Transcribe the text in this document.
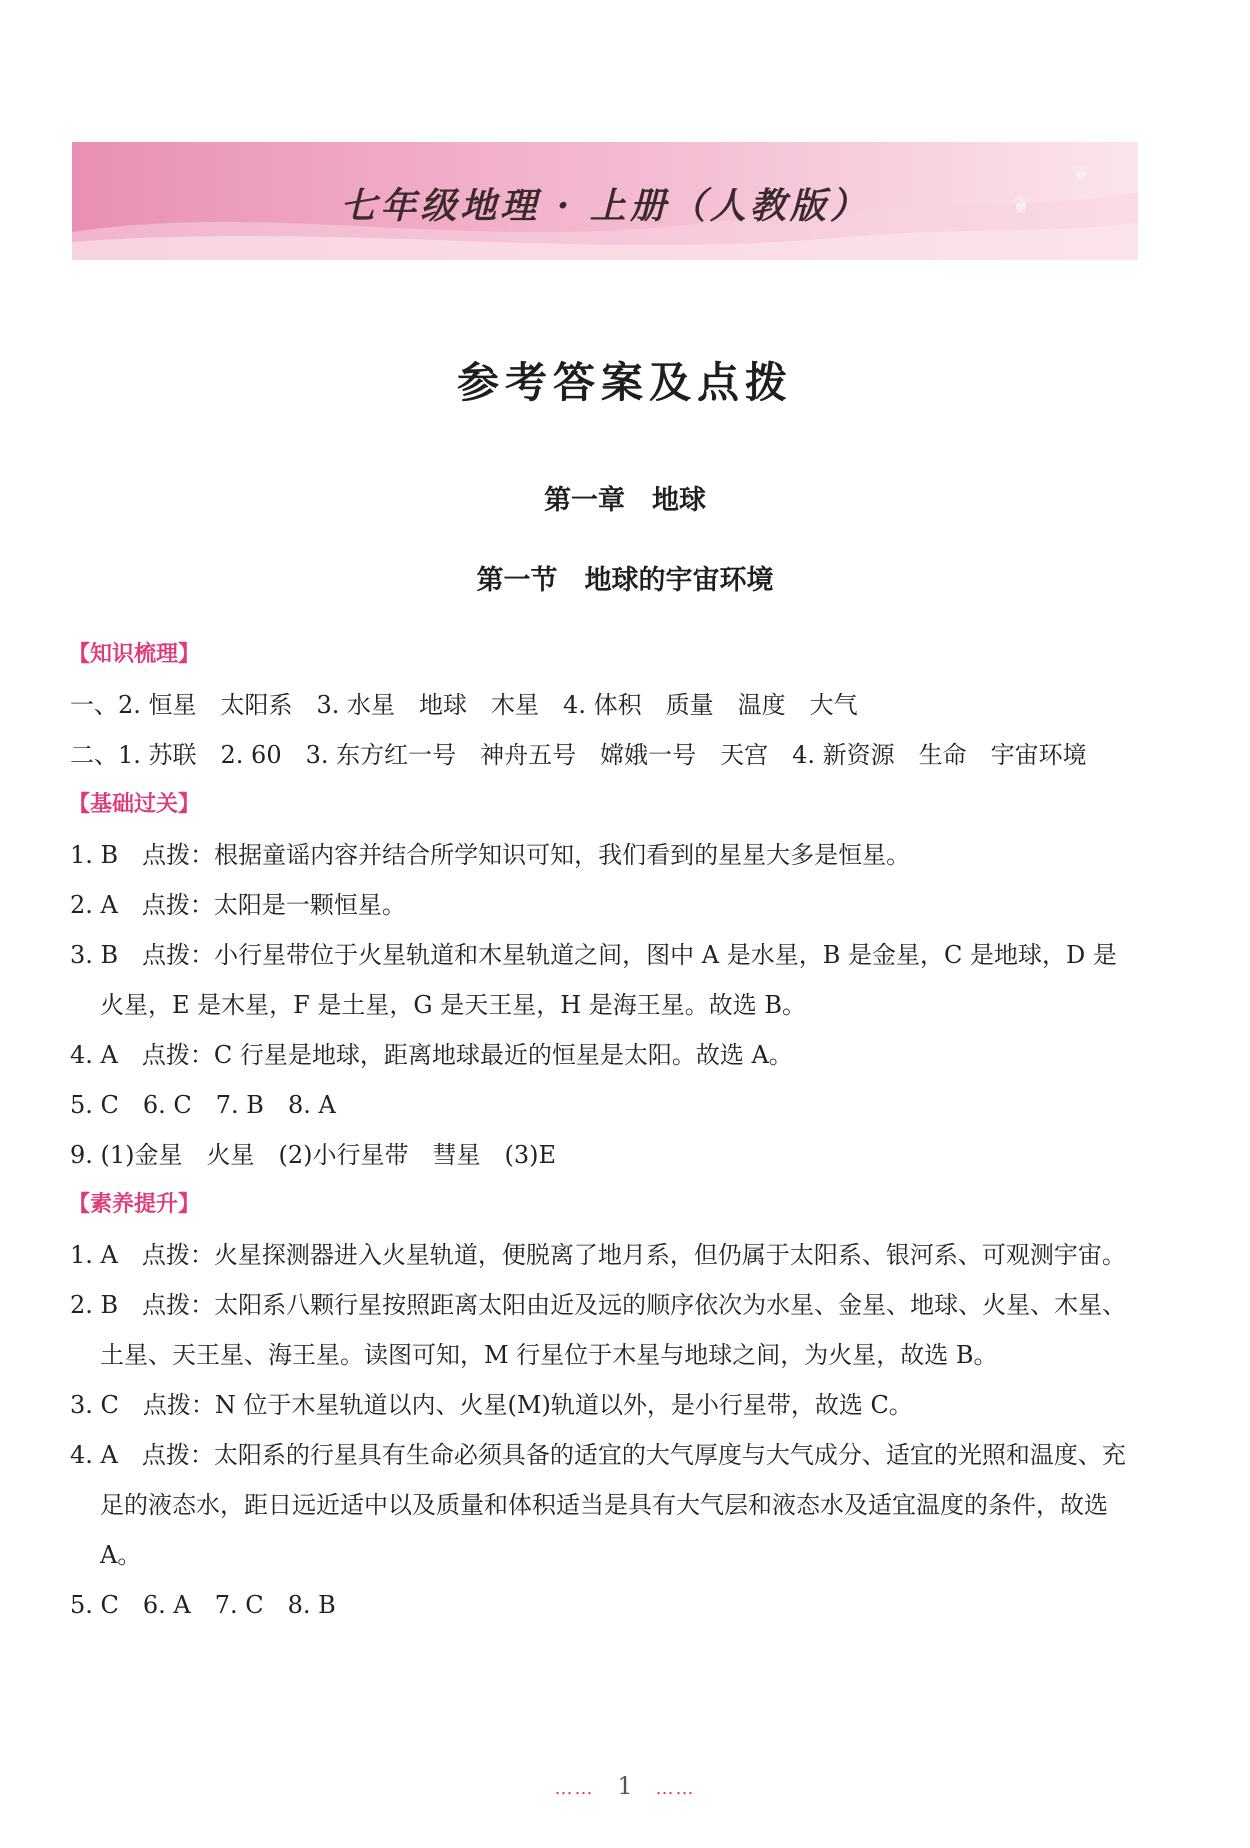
七年级地理 · 上册（人教版）	❦
❦
参考答案及点拨
第一章　地球
第一节　地球的宇宙环境
【知识梳理】
一、2. 恒星　太阳系　3. 水星　地球　木星　4. 体积　质量　温度　大气
二、1. 苏联　2. 60　3. 东方红一号　神舟五号　嫦娥一号　天宫　4. 新资源　生命　宇宙环境
【基础过关】
1. B　点拨：根据童谣内容并结合所学知识可知，我们看到的星星大多是恒星。
2. A　点拨：太阳是一颗恒星。
3. B　点拨：小行星带位于火星轨道和木星轨道之间，图中 A 是水星，B 是金星，C 是地球，D 是火星，E 是木星，F 是土星，G 是天王星，H 是海王星。故选 B。
4. A　点拨：C 行星是地球，距离地球最近的恒星是太阳。故选 A。
5. C　6. C　7. B　8. A
9. (1)金星　火星　(2)小行星带　彗星　(3)E
【素养提升】
1. A　点拨：火星探测器进入火星轨道，便脱离了地月系，但仍属于太阳系、银河系、可观测宇宙。
2. B　点拨：太阳系八颗行星按照距离太阳由近及远的顺序依次为水星、金星、地球、火星、木星、土星、天王星、海王星。读图可知，M 行星位于木星与地球之间，为火星，故选 B。
3. C　点拨：N 位于木星轨道以内、火星(M)轨道以外，是小行星带，故选 C。
4. A　点拨：太阳系的行星具有生命必须具备的适宜的大气厚度与大气成分、适宜的光照和温度、充足的液态水，距日远近适中以及质量和体积适当是具有大气层和液态水及适宜温度的条件，故选 A。
5. C　6. A　7. C　8. B
…… 1 ……
